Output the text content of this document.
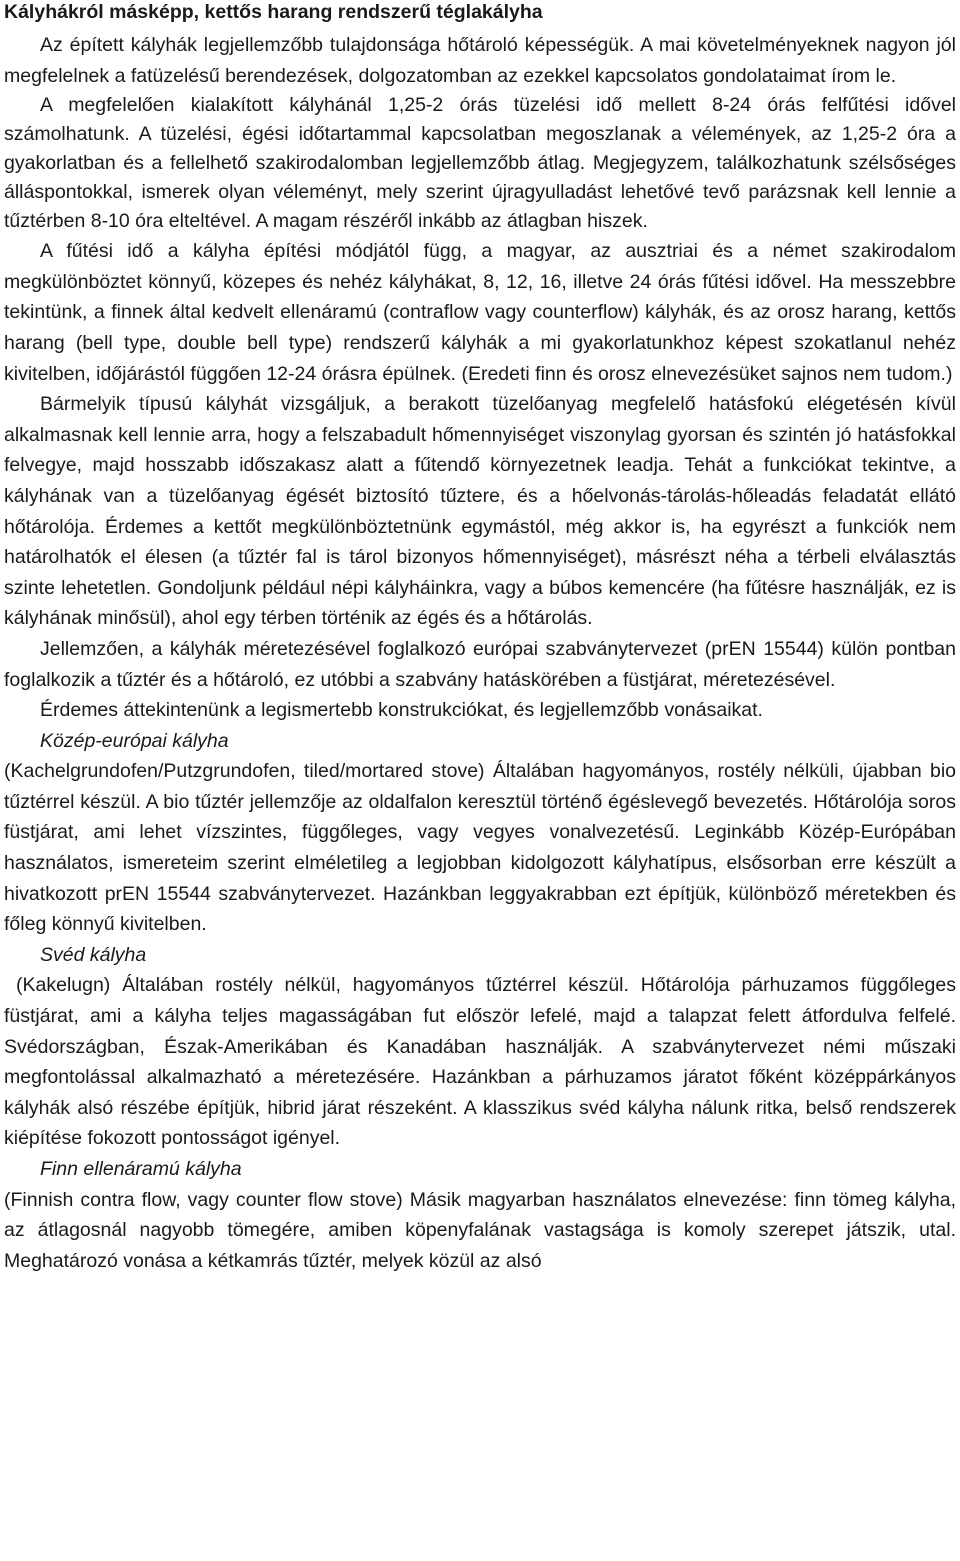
Kályhákról másképp, kettős harang rendszerű téglakályha

Az épített kályhák legjellemzőbb tulajdonsága hőtároló képességük. A mai követelményeknek nagyon jól megfelelnek a fatüzelésű berendezések, dolgozatomban az ezekkel kapcsolatos gondolataimat írom le.

A megfelelően kialakított kályhánál 1,25-2 órás tüzelési idő mellett 8-24 órás felfűtési idővel számolhatunk. A tüzelési, égési időtartammal kapcsolatban megoszlanak a vélemények, az 1,25-2 óra a gyakorlatban és a fellelhető szakirodalomban legjellemzőbb átlag. Megjegyzem, találkozhatunk szélsőséges álláspontokkal, ismerek olyan véleményt, mely szerint újragyulladást lehetővé tevő parázsnak kell lennie a tűztérben 8-10 óra elteltével. A magam részéről inkább az átlagban hiszek.

A fűtési idő a kályha építési módjától függ, a magyar, az ausztriai és a német szakirodalom megkülönböztet könnyű, közepes és nehéz kályhákat, 8, 12, 16, illetve 24 órás fűtési idővel. Ha messzebbre tekintünk, a finnek által kedvelt ellenáramú (contraflow vagy counterflow) kályhák, és az orosz harang, kettős harang (bell type, double bell type) rendszerű kályhák a mi gyakorlatunkhoz képest szokatlanul nehéz kivitelben, időjárástól függően 12-24 órásra épülnek. (Eredeti finn és orosz elnevezésüket sajnos nem tudom.)

Bármelyik típusú kályhát vizsgáljuk, a berakott tüzelőanyag megfelelő hatásfokú elégetésén kívül alkalmasnak kell lennie arra, hogy a felszabadult hőmennyiséget viszonylag gyorsan és szintén jó hatásfokkal felvegye, majd hosszabb időszakasz alatt a fűtendő környezetnek leadja. Tehát a funkciókat tekintve, a kályhának van a tüzelőanyag égését biztosító tűztere, és a hőelvonás-tárolás-hőleadás feladatát ellátó hőtárolója. Érdemes a kettőt megkülönböztetnünk egymástól, még akkor is, ha egyrészt a funkciók nem határolhatók el élesen (a tűztér fal is tárol bizonyos hőmennyiséget), másrészt néha a térbeli elválasztás szinte lehetetlen. Gondoljunk például népi kályháinkra, vagy a búbos kemencére (ha fűtésre használják, ez is kályhának minősül), ahol egy térben történik az égés és a hőtárolás.

Jellemzően, a kályhák méretezésével foglalkozó európai szabványtervezet (prEN 15544) külön pontban foglalkozik a tűztér és a hőtároló, ez utóbbi a szabvány hatáskörében a füstjárat, méretezésével.

Érdemes áttekintenünk a legismertebb konstrukciókat, és legjellemzőbb vonásaikat.

Közép-európai kályha

(Kachelgrundofen/Putzgrundofen, tiled/mortared stove) Általában hagyományos, rostély nélküli, újabban bio tűztérrel készül. A bio tűztér jellemzője az oldalfalon keresztül történő égéslevegő bevezetés. Hőtárolója soros füstjárat, ami lehet vízszintes, függőleges, vagy vegyes vonalvezetésű. Leginkább Közép-Európában használatos, ismereteim szerint elméletileg a legjobban kidolgozott kályhatípus, elsősorban erre készült a hivatkozott prEN 15544 szabványtervezet. Hazánkban leggyakrabban ezt építjük, különböző méretekben és főleg könnyű kivitelben.

Svéd kályha

(Kakelugn) Általában rostély nélkül, hagyományos tűztérrel készül. Hőtárolója párhuzamos függőleges füstjárat, ami a kályha teljes magasságában fut először lefelé, majd a talapzat felett átfordulva felfelé. Svédországban, Észak-Amerikában és Kanadában használják. A szabványtervezet némi műszaki megfontolással alkalmazható a méretezésére. Hazánkban a párhuzamos járatot főként középpárkányos kályhák alsó részébe építjük, hibrid járat részeként. A klasszikus svéd kályha nálunk ritka, belső rendszerek kiépítése fokozott pontosságot igényel.

Finn ellenáramú kályha

(Finnish contra flow, vagy counter flow stove) Másik magyarban használatos elnevezése: finn tömeg kályha, az átlagosnál nagyobb tömegére, amiben köpenyfalának vastagsága is komoly szerepet játszik, utal. Meghatározó vonása a kétkamrás tűztér, melyek közül az alsó
